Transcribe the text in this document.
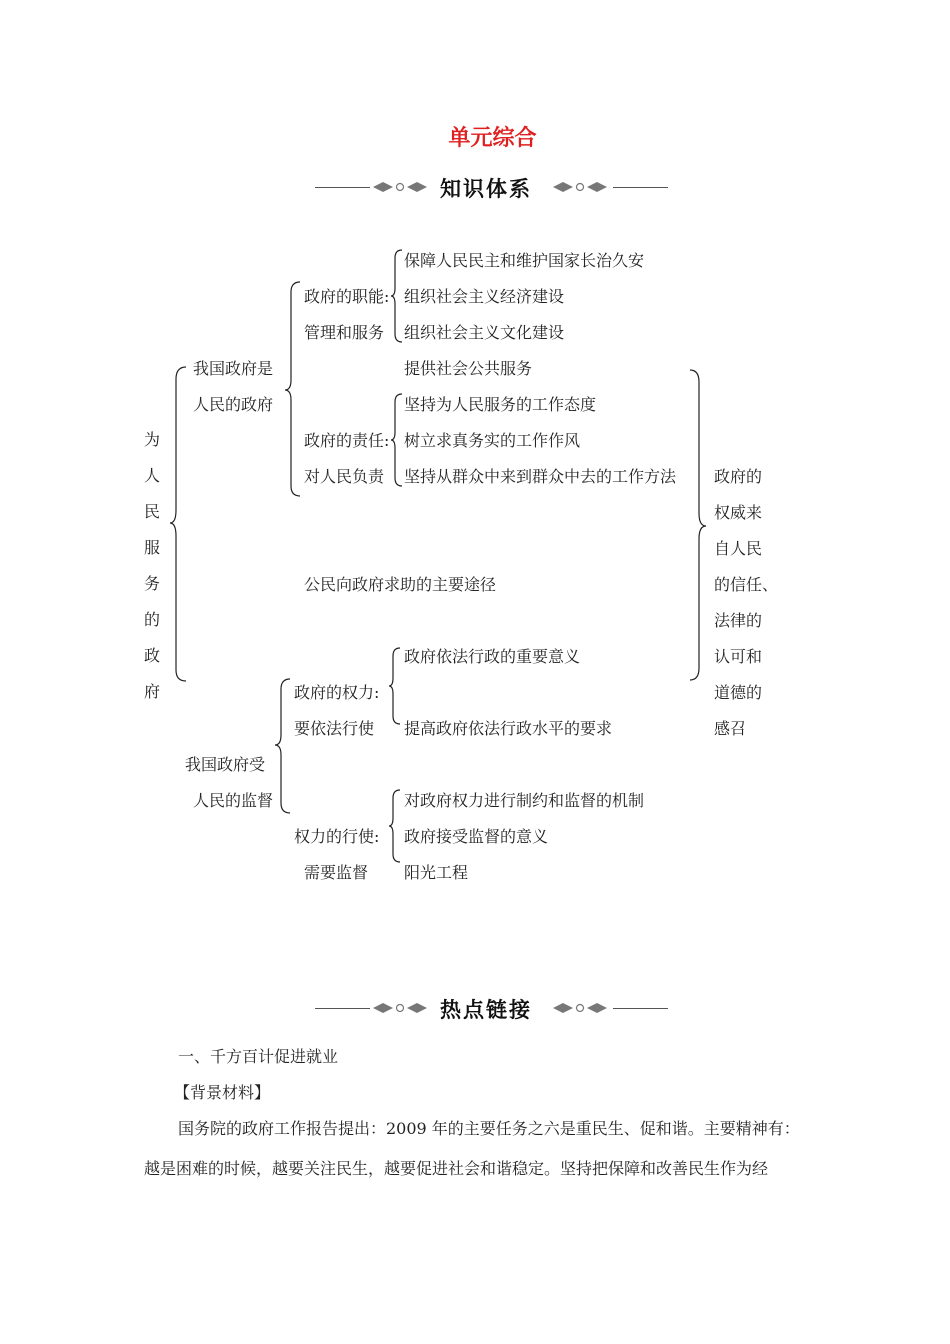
单元综合
知识体系
为
人
民
服
务
的
政
府
我国政府是
人民的政府
政府的职能:
管理和服务
保障人民民主和维护国家长治久安
组织社会主义经济建设
组织社会主义文化建设
提供社会公共服务
政府的责任:
对人民负责
坚持为人民服务的工作态度
树立求真务实的工作作风
坚持从群众中来到群众中去的工作方法
公民向政府求助的主要途径
政府的
权威来
自人民
的信任、
法律的
认可和
道德的
感召
我国政府受
人民的监督
政府的权力:
要依法行使
政府依法行政的重要意义
提高政府依法行政水平的要求
权力的行使:
需要监督
对政府权力进行制约和监督的机制
政府接受监督的意义
阳光工程
热点链接
一、千方百计促进就业
【背景材料】
国务院的政府工作报告提出：2009 年的主要任务之六是重民生、促和谐。主要精神有：
越是困难的时候，越要关注民生，越要促进社会和谐稳定。坚持把保障和改善民生作为经
